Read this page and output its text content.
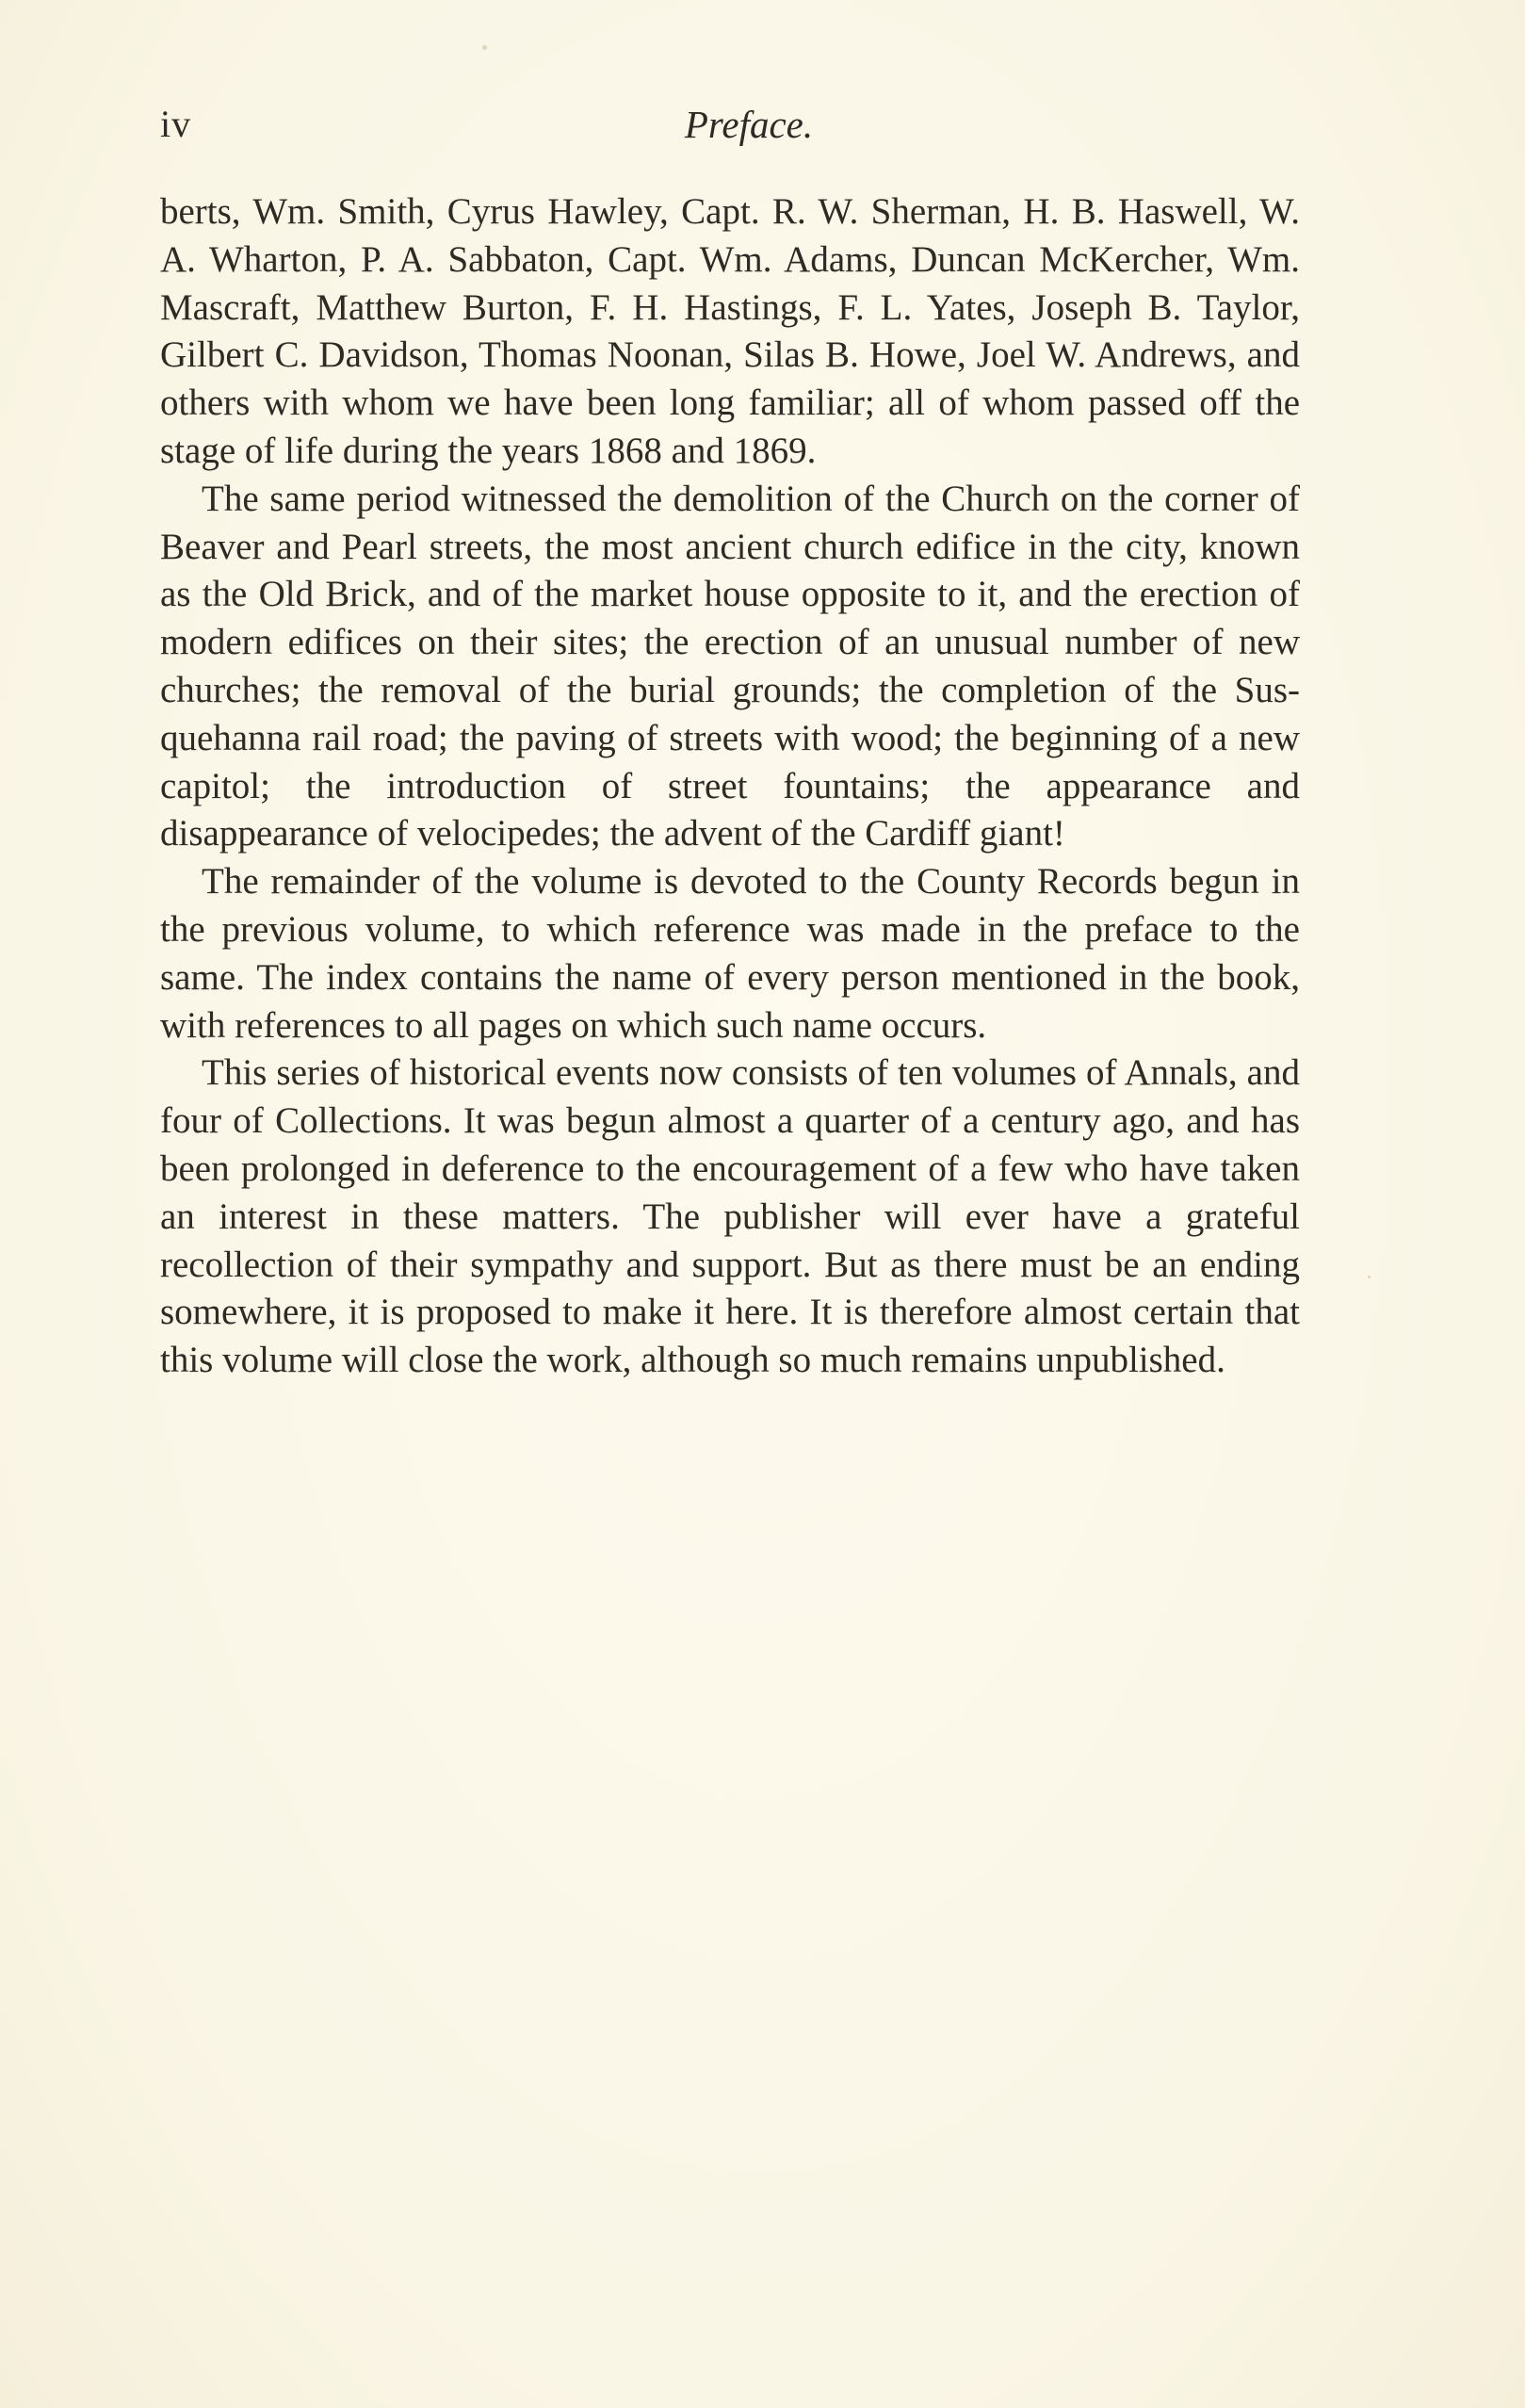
iv	Preface.

berts, Wm. Smith, Cyrus Hawley, Capt. R. W. Sherman, H. B. Haswell, W. A. Wharton, P. A. Sabbaton, Capt. Wm. Adams, Duncan McKercher, Wm. Mascraft, Matthew Burton, F. H. Hastings, F. L. Yates, Joseph B. Taylor, Gilbert C. Davidson, Thomas Noonan, Silas B. Howe, Joel W. Andrews, and others with whom we have been long familiar; all of whom passed off the stage of life during the years 1868 and 1869.

The same period witnessed the demolition of the Church on the corner of Beaver and Pearl streets, the most ancient church edifice in the city, known as the Old Brick, and of the market house opposite to it, and the erection of modern edifices on their sites; the erection of an unusual number of new churches; the removal of the burial grounds; the completion of the Susquehanna rail road; the paving of streets with wood; the beginning of a new capitol; the introduction of street fountains; the appearance and disappearance of velocipedes; the advent of the Cardiff giant!

The remainder of the volume is devoted to the County Records begun in the previous volume, to which reference was made in the preface to the same. The index contains the name of every person mentioned in the book, with references to all pages on which such name occurs.

This series of historical events now consists of ten volumes of Annals, and four of Collections. It was begun almost a quarter of a century ago, and has been prolonged in deference to the encouragement of a few who have taken an interest in these matters. The publisher will ever have a grateful recollection of their sympathy and support. But as there must be an ending somewhere, it is proposed to make it here. It is therefore almost certain that this volume will close the work, although so much remains unpublished.
